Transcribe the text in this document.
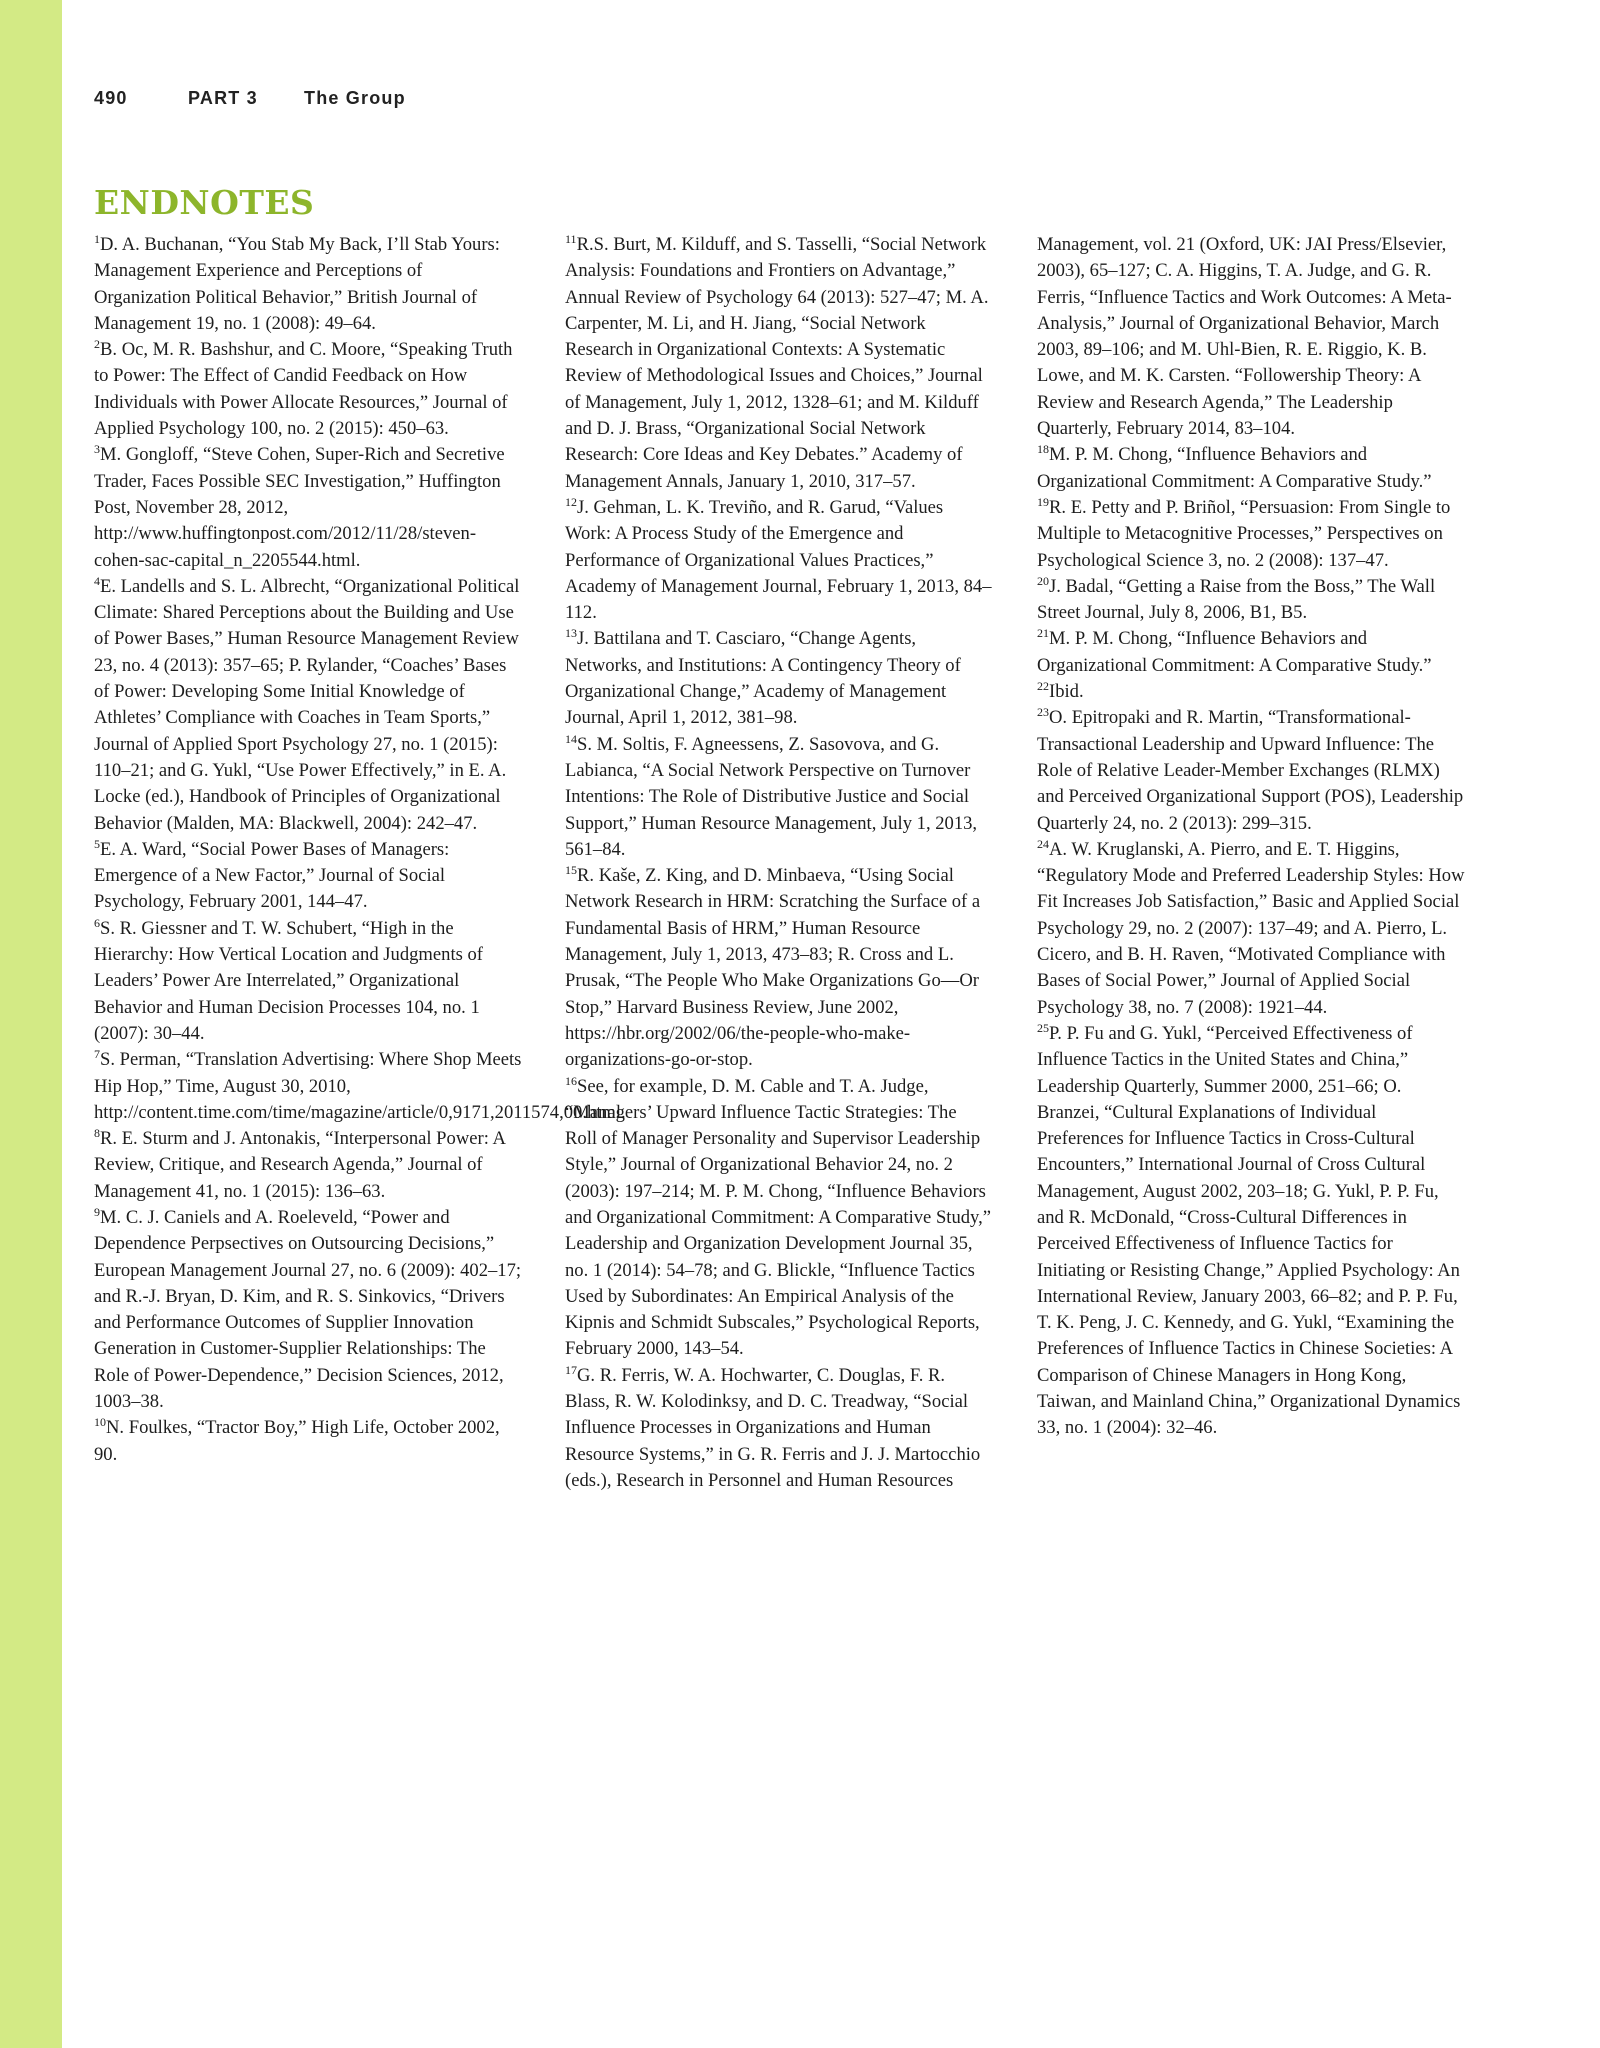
490	PART 3	The Group
ENDNOTES

$^1$D. A. Buchanan, “You Stab My Back, I’ll Stab Yours: Management Experience and Perceptions of Organization Political Behavior,” British Journal of Management 19, no. 1 (2008): 49–64.

$^2$B. Oc, M. R. Bashshur, and C. Moore, “Speaking Truth to Power: The Effect of Candid Feedback on How Individuals with Power Allocate Resources,” Journal of Applied Psychology 100, no. 2 (2015): 450–63.

$^3$M. Gongloff, “Steve Cohen, Super-Rich and Secretive Trader, Faces Possible SEC Investigation,” Huffington Post, November 28, 2012, http://www.huffingtonpost.com/2012/11/28/steven-cohen-sac-capital_n_2205544.html.

$^4$E. Landells and S. L. Albrecht, “Organizational Political Climate: Shared Perceptions about the Building and Use of Power Bases,” Human Resource Management Review 23, no. 4 (2013): 357–65; P. Rylander, “Coaches’ Bases of Power: Developing Some Initial Knowledge of Athletes’ Compliance with Coaches in Team Sports,” Journal of Applied Sport Psychology 27, no. 1 (2015): 110–21; and G. Yukl, “Use Power Effectively,” in E. A. Locke (ed.), Handbook of Principles of Organizational Behavior (Malden, MA: Blackwell, 2004): 242–47.

$^5$E. A. Ward, “Social Power Bases of Managers: Emergence of a New Factor,” Journal of Social Psychology, February 2001, 144–47.

$^6$S. R. Giessner and T. W. Schubert, “High in the Hierarchy: How Vertical Location and Judgments of Leaders’ Power Are Interrelated,” Organizational Behavior and Human Decision Processes 104, no. 1 (2007): 30–44.

$^7$S. Perman, “Translation Advertising: Where Shop Meets Hip Hop,” Time, August 30, 2010, http://content.time.com/time/magazine/article/0,9171,2011574,00.html.

$^8$R. E. Sturm and J. Antonakis, “Interpersonal Power: A Review, Critique, and Research Agenda,” Journal of Management 41, no. 1 (2015): 136–63.

$^9$M. C. J. Caniels and A. Roeleveld, “Power and Dependence Perpsectives on Outsourcing Decisions,” European Management Journal 27, no. 6 (2009): 402–17; and R.-J. Bryan, D. Kim, and R. S. Sinkovics, “Drivers and Performance Outcomes of Supplier Innovation Generation in Customer-Supplier Relationships: The Role of Power-Dependence,” Decision Sciences, 2012, 1003–38.

$^{10}$N. Foulkes, “Tractor Boy,” High Life, October 2002, 90.

$^{11}$R.S. Burt, M. Kilduff, and S. Tasselli, “Social Network Analysis: Foundations and Frontiers on Advantage,” Annual Review of Psychology 64 (2013): 527–47; M. A. Carpenter, M. Li, and H. Jiang, “Social Network Research in Organizational Contexts: A Systematic Review of Methodological Issues and Choices,” Journal of Management, July 1, 2012, 1328–61; and M. Kilduff and D. J. Brass, “Organizational Social Network Research: Core Ideas and Key Debates.” Academy of Management Annals, January 1, 2010, 317–57.

$^{12}$J. Gehman, L. K. Treviño, and R. Garud, “Values Work: A Process Study of the Emergence and Performance of Organizational Values Practices,” Academy of Management Journal, February 1, 2013, 84–112.

$^{13}$J. Battilana and T. Casciaro, “Change Agents, Networks, and Institutions: A Contingency Theory of Organizational Change,” Academy of Management Journal, April 1, 2012, 381–98.

$^{14}$S. M. Soltis, F. Agneessens, Z. Sasovova, and G. Labianca, “A Social Network Perspective on Turnover Intentions: The Role of Distributive Justice and Social Support,” Human Resource Management, July 1, 2013, 561–84.

$^{15}$R. Kaše, Z. King, and D. Minbaeva, “Using Social Network Research in HRM: Scratching the Surface of a Fundamental Basis of HRM,” Human Resource Management, July 1, 2013, 473–83; R. Cross and L. Prusak, “The People Who Make Organizations Go—Or Stop,” Harvard Business Review, June 2002, https://hbr.org/2002/06/the-people-who-make-organizations-go-or-stop.

$^{16}$See, for example, D. M. Cable and T. A. Judge, “Managers’ Upward Influence Tactic Strategies: The Roll of Manager Personality and Supervisor Leadership Style,” Journal of Organizational Behavior 24, no. 2 (2003): 197–214; M. P. M. Chong, “Influence Behaviors and Organizational Commitment: A Comparative Study,” Leadership and Organization Development Journal 35, no. 1 (2014): 54–78; and G. Blickle, “Influence Tactics Used by Subordinates: An Empirical Analysis of the Kipnis and Schmidt Subscales,” Psychological Reports, February 2000, 143–54.

$^{17}$G. R. Ferris, W. A. Hochwarter, C. Douglas, F. R. Blass, R. W. Kolodinksy, and D. C. Treadway, “Social Influence Processes in Organizations and Human Resource Systems,” in G. R. Ferris and J. J. Martocchio (eds.), Research in Personnel and Human Resources

Management, vol. 21 (Oxford, UK: JAI Press/Elsevier, 2003), 65–127; C. A. Higgins, T. A. Judge, and G. R. Ferris, “Influence Tactics and Work Outcomes: A Meta-Analysis,” Journal of Organizational Behavior, March 2003, 89–106; and M. Uhl-Bien, R. E. Riggio, K. B. Lowe, and M. K. Carsten. “Followership Theory: A Review and Research Agenda,” The Leadership Quarterly, February 2014, 83–104.

$^{18}$M. P. M. Chong, “Influence Behaviors and Organizational Commitment: A Comparative Study.”

$^{19}$R. E. Petty and P. Briñol, “Persuasion: From Single to Multiple to Metacognitive Processes,” Perspectives on Psychological Science 3, no. 2 (2008): 137–47.

$^{20}$J. Badal, “Getting a Raise from the Boss,” The Wall Street Journal, July 8, 2006, B1, B5.

$^{21}$M. P. M. Chong, “Influence Behaviors and Organizational Commitment: A Comparative Study.”

$^{22}$Ibid.

$^{23}$O. Epitropaki and R. Martin, “Transformational-Transactional Leadership and Upward Influence: The Role of Relative Leader-Member Exchanges (RLMX) and Perceived Organizational Support (POS), Leadership Quarterly 24, no. 2 (2013): 299–315.

$^{24}$A. W. Kruglanski, A. Pierro, and E. T. Higgins, “Regulatory Mode and Preferred Leadership Styles: How Fit Increases Job Satisfaction,” Basic and Applied Social Psychology 29, no. 2 (2007): 137–49; and A. Pierro, L. Cicero, and B. H. Raven, “Motivated Compliance with Bases of Social Power,” Journal of Applied Social Psychology 38, no. 7 (2008): 1921–44.

$^{25}$P. P. Fu and G. Yukl, “Perceived Effectiveness of Influence Tactics in the United States and China,” Leadership Quarterly, Summer 2000, 251–66; O. Branzei, “Cultural Explanations of Individual Preferences for Influence Tactics in Cross-Cultural Encounters,” International Journal of Cross Cultural Management, August 2002, 203–18; G. Yukl, P. P. Fu, and R. McDonald, “Cross-Cultural Differences in Perceived Effectiveness of Influence Tactics for Initiating or Resisting Change,” Applied Psychology: An International Review, January 2003, 66–82; and P. P. Fu, T. K. Peng, J. C. Kennedy, and G. Yukl, “Examining the Preferences of Influence Tactics in Chinese Societies: A Comparison of Chinese Managers in Hong Kong, Taiwan, and Mainland China,” Organizational Dynamics 33, no. 1 (2004): 32–46.
